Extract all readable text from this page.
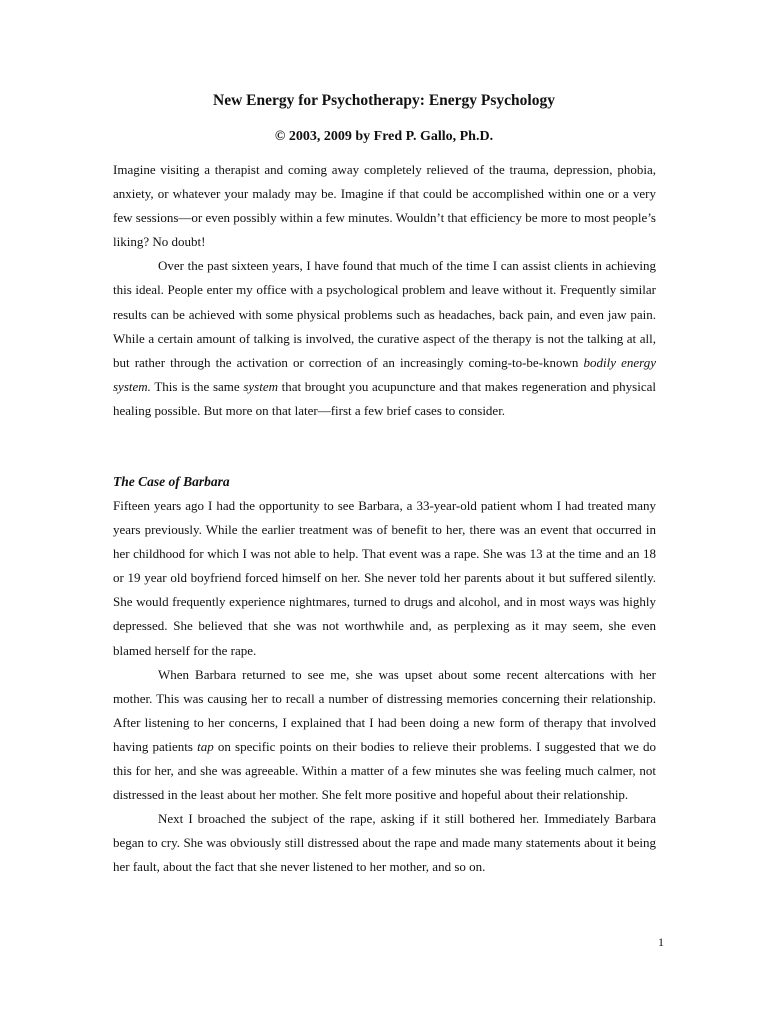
New Energy for Psychotherapy: Energy Psychology
© 2003, 2009 by Fred P. Gallo, Ph.D.

Imagine visiting a therapist and coming away completely relieved of the trauma, depression, phobia, anxiety, or whatever your malady may be. Imagine if that could be accomplished within one or a very few sessions—or even possibly within a few minutes. Wouldn’t that efficiency be more to most people’s liking? No doubt!

Over the past sixteen years, I have found that much of the time I can assist clients in achieving this ideal. People enter my office with a psychological problem and leave without it. Frequently similar results can be achieved with some physical problems such as headaches, back pain, and even jaw pain. While a certain amount of talking is involved, the curative aspect of the therapy is not the talking at all, but rather through the activation or correction of an increasingly coming-to-be-known bodily energy system. This is the same system that brought you acupuncture and that makes regeneration and physical healing possible. But more on that later—first a few brief cases to consider.

The Case of Barbara

Fifteen years ago I had the opportunity to see Barbara, a 33-year-old patient whom I had treated many years previously. While the earlier treatment was of benefit to her, there was an event that occurred in her childhood for which I was not able to help. That event was a rape. She was 13 at the time and an 18 or 19 year old boyfriend forced himself on her. She never told her parents about it but suffered silently. She would frequently experience nightmares, turned to drugs and alcohol, and in most ways was highly depressed. She believed that she was not worthwhile and, as perplexing as it may seem, she even blamed herself for the rape.

When Barbara returned to see me, she was upset about some recent altercations with her mother. This was causing her to recall a number of distressing memories concerning their relationship. After listening to her concerns, I explained that I had been doing a new form of therapy that involved having patients tap on specific points on their bodies to relieve their problems. I suggested that we do this for her, and she was agreeable. Within a matter of a few minutes she was feeling much calmer, not distressed in the least about her mother. She felt more positive and hopeful about their relationship.

Next I broached the subject of the rape, asking if it still bothered her. Immediately Barbara began to cry. She was obviously still distressed about the rape and made many statements about it being her fault, about the fact that she never listened to her mother, and so on.

1
